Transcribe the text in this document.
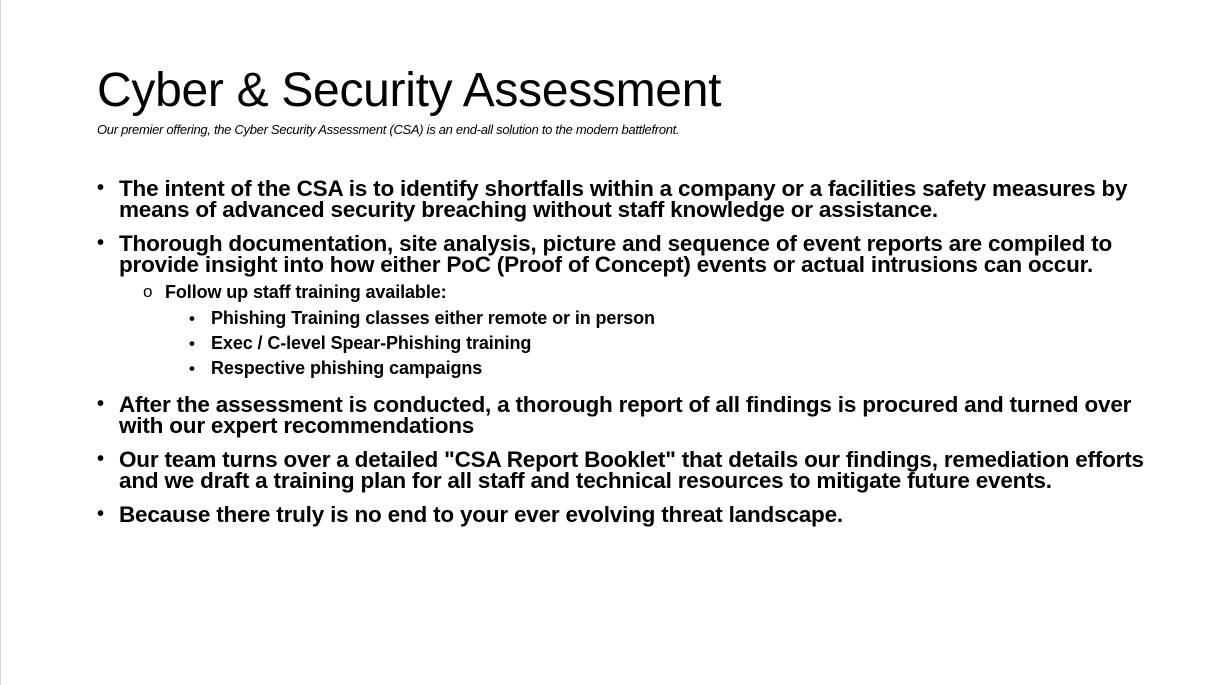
Cyber & Security Assessment
Our premier offering, the Cyber Security Assessment (CSA) is an end-all solution to the modern battlefront.
• The intent of the CSA is to identify shortfalls within a company or a facilities safety measures by means of advanced security breaching without staff knowledge or assistance.
• Thorough documentation, site analysis, picture and sequence of event reports are compiled to provide insight into how either PoC (Proof of Concept) events or actual intrusions can occur.
o Follow up staff training available:
• Phishing Training classes either remote or in person
• Exec / C-level Spear-Phishing training
• Respective phishing campaigns
• After the assessment is conducted, a thorough report of all findings is procured and turned over with our expert recommendations
• Our team turns over a detailed "CSA Report Booklet" that details our findings, remediation efforts and we draft a training plan for all staff and technical resources to mitigate future events.
• Because there truly is no end to your ever evolving threat landscape.
